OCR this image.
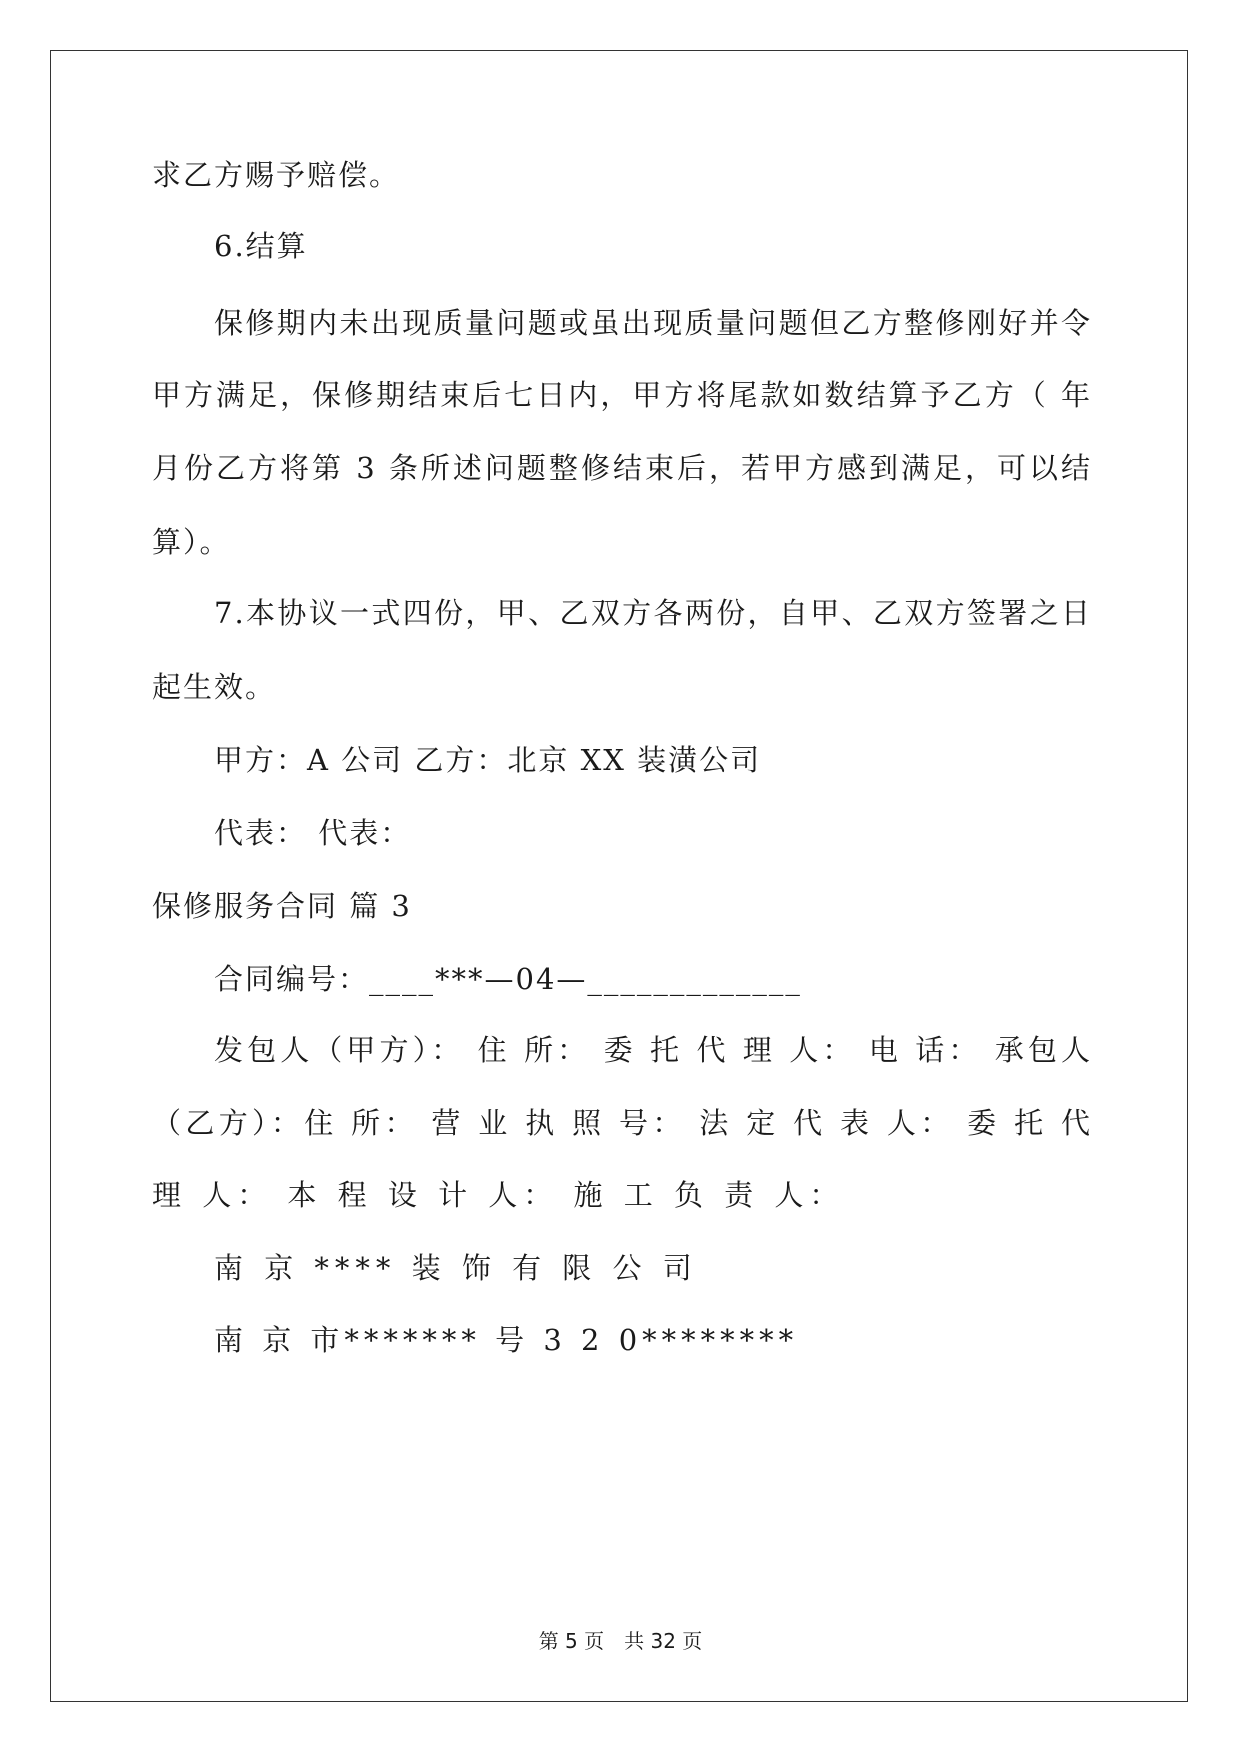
求乙方赐予赔偿。
6.结算
保修期内未出现质量问题或虽出现质量问题但乙方整修刚好并令
甲方满足，保修期结束后七日内，甲方将尾款如数结算予乙方（ 年
月份乙方将第 3 条所述问题整修结束后，若甲方感到满足，可以结
算）。
7.本协议一式四份，甲、乙双方各两份，自甲、乙双方签署之日
起生效。
甲方：A 公司 乙方：北京 XX 装潢公司
代表： 代表：
保修服务合同 篇 3
合同编号：____***—04—_____________
发包人（甲方）： 住 所： 委 托 代 理 人： 电 话： 承包人
（乙方）：住 所： 营 业 执 照 号： 法 定 代 表 人： 委 托 代
理 人： 本 程 设 计 人： 施 工 负 责 人：
南 京 **** 装 饰 有 限 公 司
南 京 市******* 号 3 2 0********
第 5 页 共 32 页
